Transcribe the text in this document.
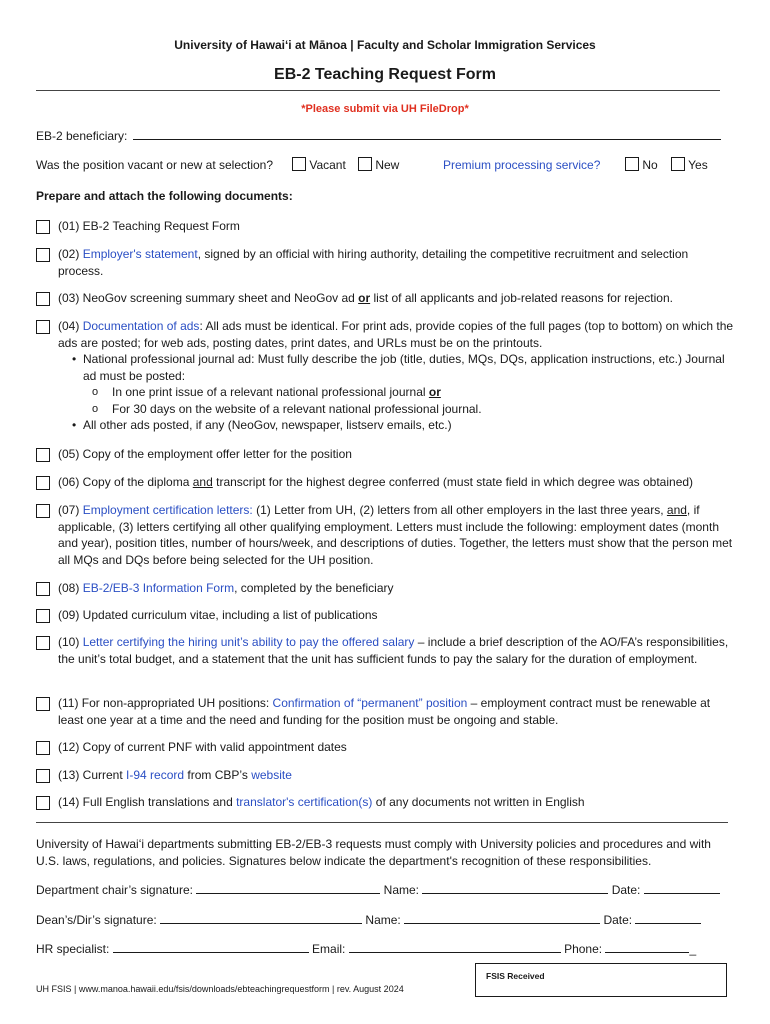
University of Hawaiʻi at Mānoa | Faculty and Scholar Immigration Services
EB-2 Teaching Request Form
*Please submit via UH FileDrop*
EB-2 beneficiary:
Was the position vacant or new at selection?	Vacant	New	Premium processing service?	No	Yes
Prepare and attach the following documents:
(01) EB-2 Teaching Request Form
(02) Employer's statement, signed by an official with hiring authority, detailing the competitive recruitment and selection process.
(03) NeoGov screening summary sheet and NeoGov ad or list of all applicants and job-related reasons for rejection.
(04) Documentation of ads: All ads must be identical. For print ads, provide copies of the full pages (top to bottom) on which the ads are posted; for web ads, posting dates, print dates, and URLs must be on the printouts.
• National professional journal ad: Must fully describe the job (title, duties, MQs, DQs, application instructions, etc.) Journal ad must be posted:
o In one print issue of a relevant national professional journal or
o For 30 days on the website of a relevant national professional journal.
• All other ads posted, if any (NeoGov, newspaper, listserv emails, etc.)
(05) Copy of the employment offer letter for the position
(06) Copy of the diploma and transcript for the highest degree conferred (must state field in which degree was obtained)
(07) Employment certification letters: (1) Letter from UH, (2) letters from all other employers in the last three years, and, if applicable, (3) letters certifying all other qualifying employment. Letters must include the following: employment dates (month and year), position titles, number of hours/week, and descriptions of duties. Together, the letters must show that the person met all MQs and DQs before being selected for the UH position.
(08) EB-2/EB-3 Information Form, completed by the beneficiary
(09) Updated curriculum vitae, including a list of publications
(10) Letter certifying the hiring unit’s ability to pay the offered salary – include a brief description of the AO/FA’s responsibilities, the unit’s total budget, and a statement that the unit has sufficient funds to pay the salary for the duration of employment.
(11) For non-appropriated UH positions: Confirmation of “permanent” position – employment contract must be renewable at least one year at a time and the need and funding for the position must be ongoing and stable.
(12) Copy of current PNF with valid appointment dates
(13) Current I-94 record from CBP’s website
(14) Full English translations and translator's certification(s) of any documents not written in English
University of Hawaiʻi departments submitting EB-2/EB-3 requests must comply with University policies and procedures and with U.S. laws, regulations, and policies. Signatures below indicate the department's recognition of these responsibilities.
Department chair’s signature:	Name:	Date:
Dean’s/Dir’s signature:	Name:	Date:
HR specialist:	Email:	Phone:	_
FSIS Received
UH FSIS | www.manoa.hawaii.edu/fsis/downloads/ebteachingrequestform | rev. August 2024
